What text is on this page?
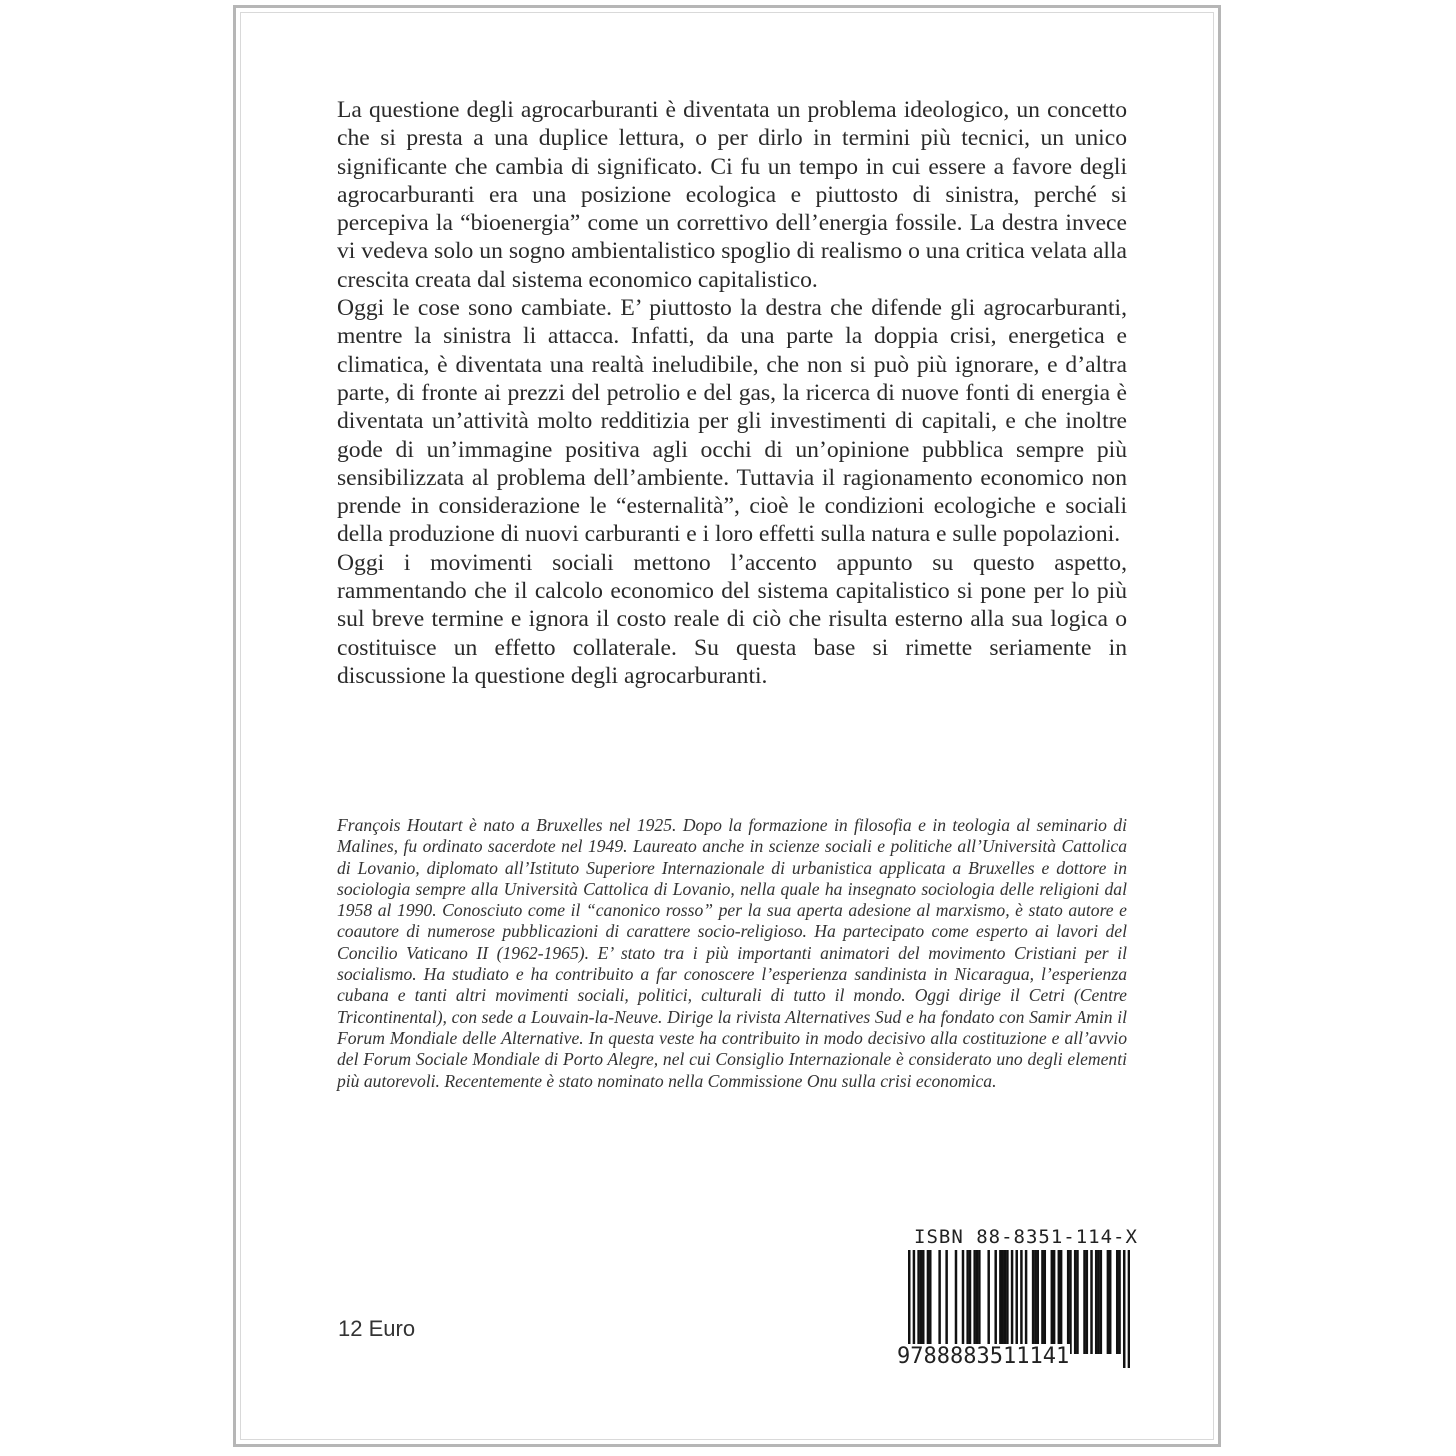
La questione degli agrocarburanti è diventata un problema ideologico, un concetto che si presta a una duplice lettura, o per dirlo in termini più tecnici, un unico significante che cambia di significato. Ci fu un tempo in cui essere a favore degli agrocarburanti era una posizione ecologica e piuttosto di sinistra, perché si percepiva la “bioenergia” come un correttivo dell’energia fossile. La destra invece vi vedeva solo un sogno ambientalistico spoglio di realismo o una critica velata alla crescita creata dal sistema economico capitalistico.

Oggi le cose sono cambiate. E’ piuttosto la destra che difende gli agrocarburanti, mentre la sinistra li attacca. Infatti, da una parte la doppia crisi, energetica e climatica, è diventata una realtà ineludibile, che non si può più ignorare, e d’altra parte, di fronte ai prezzi del petrolio e del gas, la ricerca di nuove fonti di energia è diventata un’attività molto redditizia per gli investimenti di capitali, e che inoltre gode di un’immagine positiva agli occhi di un’opinione pubblica sempre più sensibilizzata al problema dell’ambiente. Tuttavia il ragionamento economico non prende in considerazione le “esternalità”, cioè le condizioni ecologiche e sociali della produzione di nuovi carburanti e i loro effetti sulla natura e sulle popolazioni.

Oggi i movimenti sociali mettono l’accento appunto su questo aspetto, rammentando che il calcolo economico del sistema capitalistico si pone per lo più sul breve termine e ignora il costo reale di ciò che risulta esterno alla sua logica o costituisce un effetto collaterale. Su questa base si rimette seriamente in discussione la questione degli agrocarburanti.

François Houtart è nato a Bruxelles nel 1925. Dopo la formazione in filosofia e in teologia al seminario di Malines, fu ordinato sacerdote nel 1949. Laureato anche in scienze sociali e politiche all’Università Cattolica di Lovanio, diplomato all’Istituto Superiore Internazionale di urbanistica applicata a Bruxelles e dottore in sociologia sempre alla Università Cattolica di Lovanio, nella quale ha insegnato sociologia delle religioni dal 1958 al 1990. Conosciuto come il “canonico rosso” per la sua aperta adesione al marxismo, è stato autore e coautore di numerose pubblicazioni di carattere socio-religioso. Ha partecipato come esperto ai lavori del Concilio Vaticano II (1962-1965). E’ stato tra i più importanti animatori del movimento Cristiani per il socialismo. Ha studiato e ha contribuito a far conoscere l’esperienza sandinista in Nicaragua, l’esperienza cubana e tanti altri movimenti sociali, politici, culturali di tutto il mondo. Oggi dirige il Cetri (Centre Tricontinental), con sede a Louvain-la-Neuve. Dirige la rivista Alternatives Sud e ha fondato con Samir Amin il Forum Mondiale delle Alternative. In questa veste ha contribuito in modo decisivo alla costituzione e all’avvio del Forum Sociale Mondiale di Porto Alegre, nel cui Consiglio Internazionale è considerato uno degli elementi più autorevoli. Recentemente è stato nominato nella Commissione Onu sulla crisi economica.
12 Euro
ISBN 88-8351-114-X
9788883511141
